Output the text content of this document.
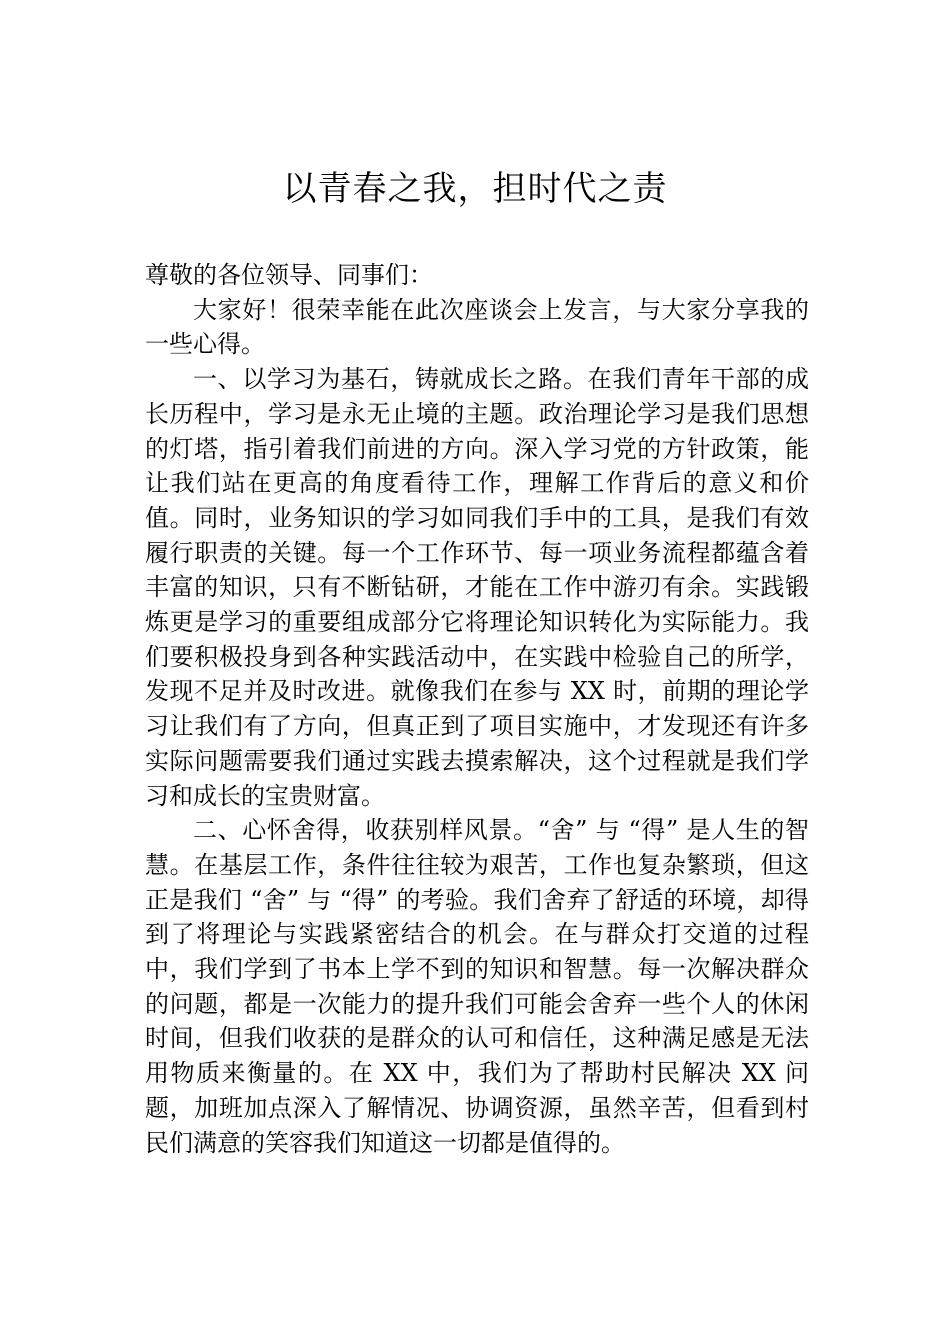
以青春之我，担时代之责

尊敬的各位领导、同事们：

大家好！很荣幸能在此次座谈会上发言，与大家分享我的一些心得。

一、以学习为基石，铸就成长之路。在我们青年干部的成长历程中，学习是永无止境的主题。政治理论学习是我们思想的灯塔，指引着我们前进的方向。深入学习党的方针政策，能让我们站在更高的角度看待工作，理解工作背后的意义和价值。同时，业务知识的学习如同我们手中的工具，是我们有效履行职责的关键。每一个工作环节、每一项业务流程都蕴含着丰富的知识，只有不断钻研，才能在工作中游刃有余。实践锻炼更是学习的重要组成部分它将理论知识转化为实际能力。我们要积极投身到各种实践活动中，在实践中检验自己的所学，发现不足并及时改进。就像我们在参与 XX 时，前期的理论学习让我们有了方向，但真正到了项目实施中，才发现还有许多实际问题需要我们通过实践去摸索解决，这个过程就是我们学习和成长的宝贵财富。

二、心怀舍得，收获别样风景。“舍” 与 “得” 是人生的智慧。在基层工作，条件往往较为艰苦，工作也复杂繁琐，但这正是我们 “舍” 与 “得” 的考验。我们舍弃了舒适的环境，却得到了将理论与实践紧密结合的机会。在与群众打交道的过程中，我们学到了书本上学不到的知识和智慧。每一次解决群众的问题，都是一次能力的提升我们可能会舍弃一些个人的休闲时间，但我们收获的是群众的认可和信任，这种满足感是无法用物质来衡量的。在 XX 中，我们为了帮助村民解决 XX 问题，加班加点深入了解情况、协调资源，虽然辛苦，但看到村民们满意的笑容我们知道这一切都是值得的。
